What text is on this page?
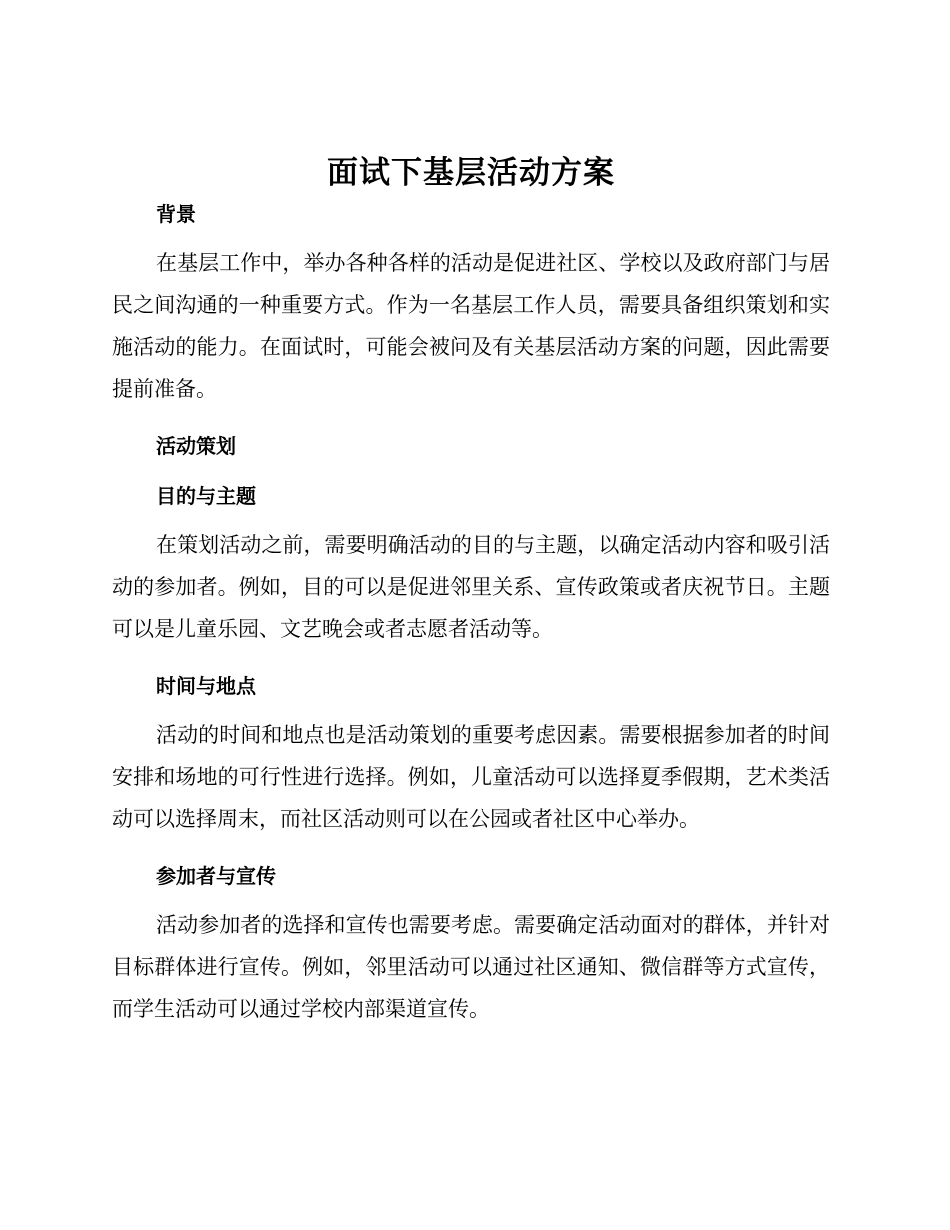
面试下基层活动方案
背景

在基层工作中，举办各种各样的活动是促进社区、学校以及政府部门与居民之间沟通的一种重要方式。作为一名基层工作人员，需要具备组织策划和实施活动的能力。在面试时，可能会被问及有关基层活动方案的问题，因此需要提前准备。

活动策划
目的与主题

在策划活动之前，需要明确活动的目的与主题，以确定活动内容和吸引活动的参加者。例如，目的可以是促进邻里关系、宣传政策或者庆祝节日。主题可以是儿童乐园、文艺晚会或者志愿者活动等。

时间与地点

活动的时间和地点也是活动策划的重要考虑因素。需要根据参加者的时间安排和场地的可行性进行选择。例如，儿童活动可以选择夏季假期，艺术类活动可以选择周末，而社区活动则可以在公园或者社区中心举办。

参加者与宣传

活动参加者的选择和宣传也需要考虑。需要确定活动面对的群体，并针对目标群体进行宣传。例如，邻里活动可以通过社区通知、微信群等方式宣传，而学生活动可以通过学校内部渠道宣传。
